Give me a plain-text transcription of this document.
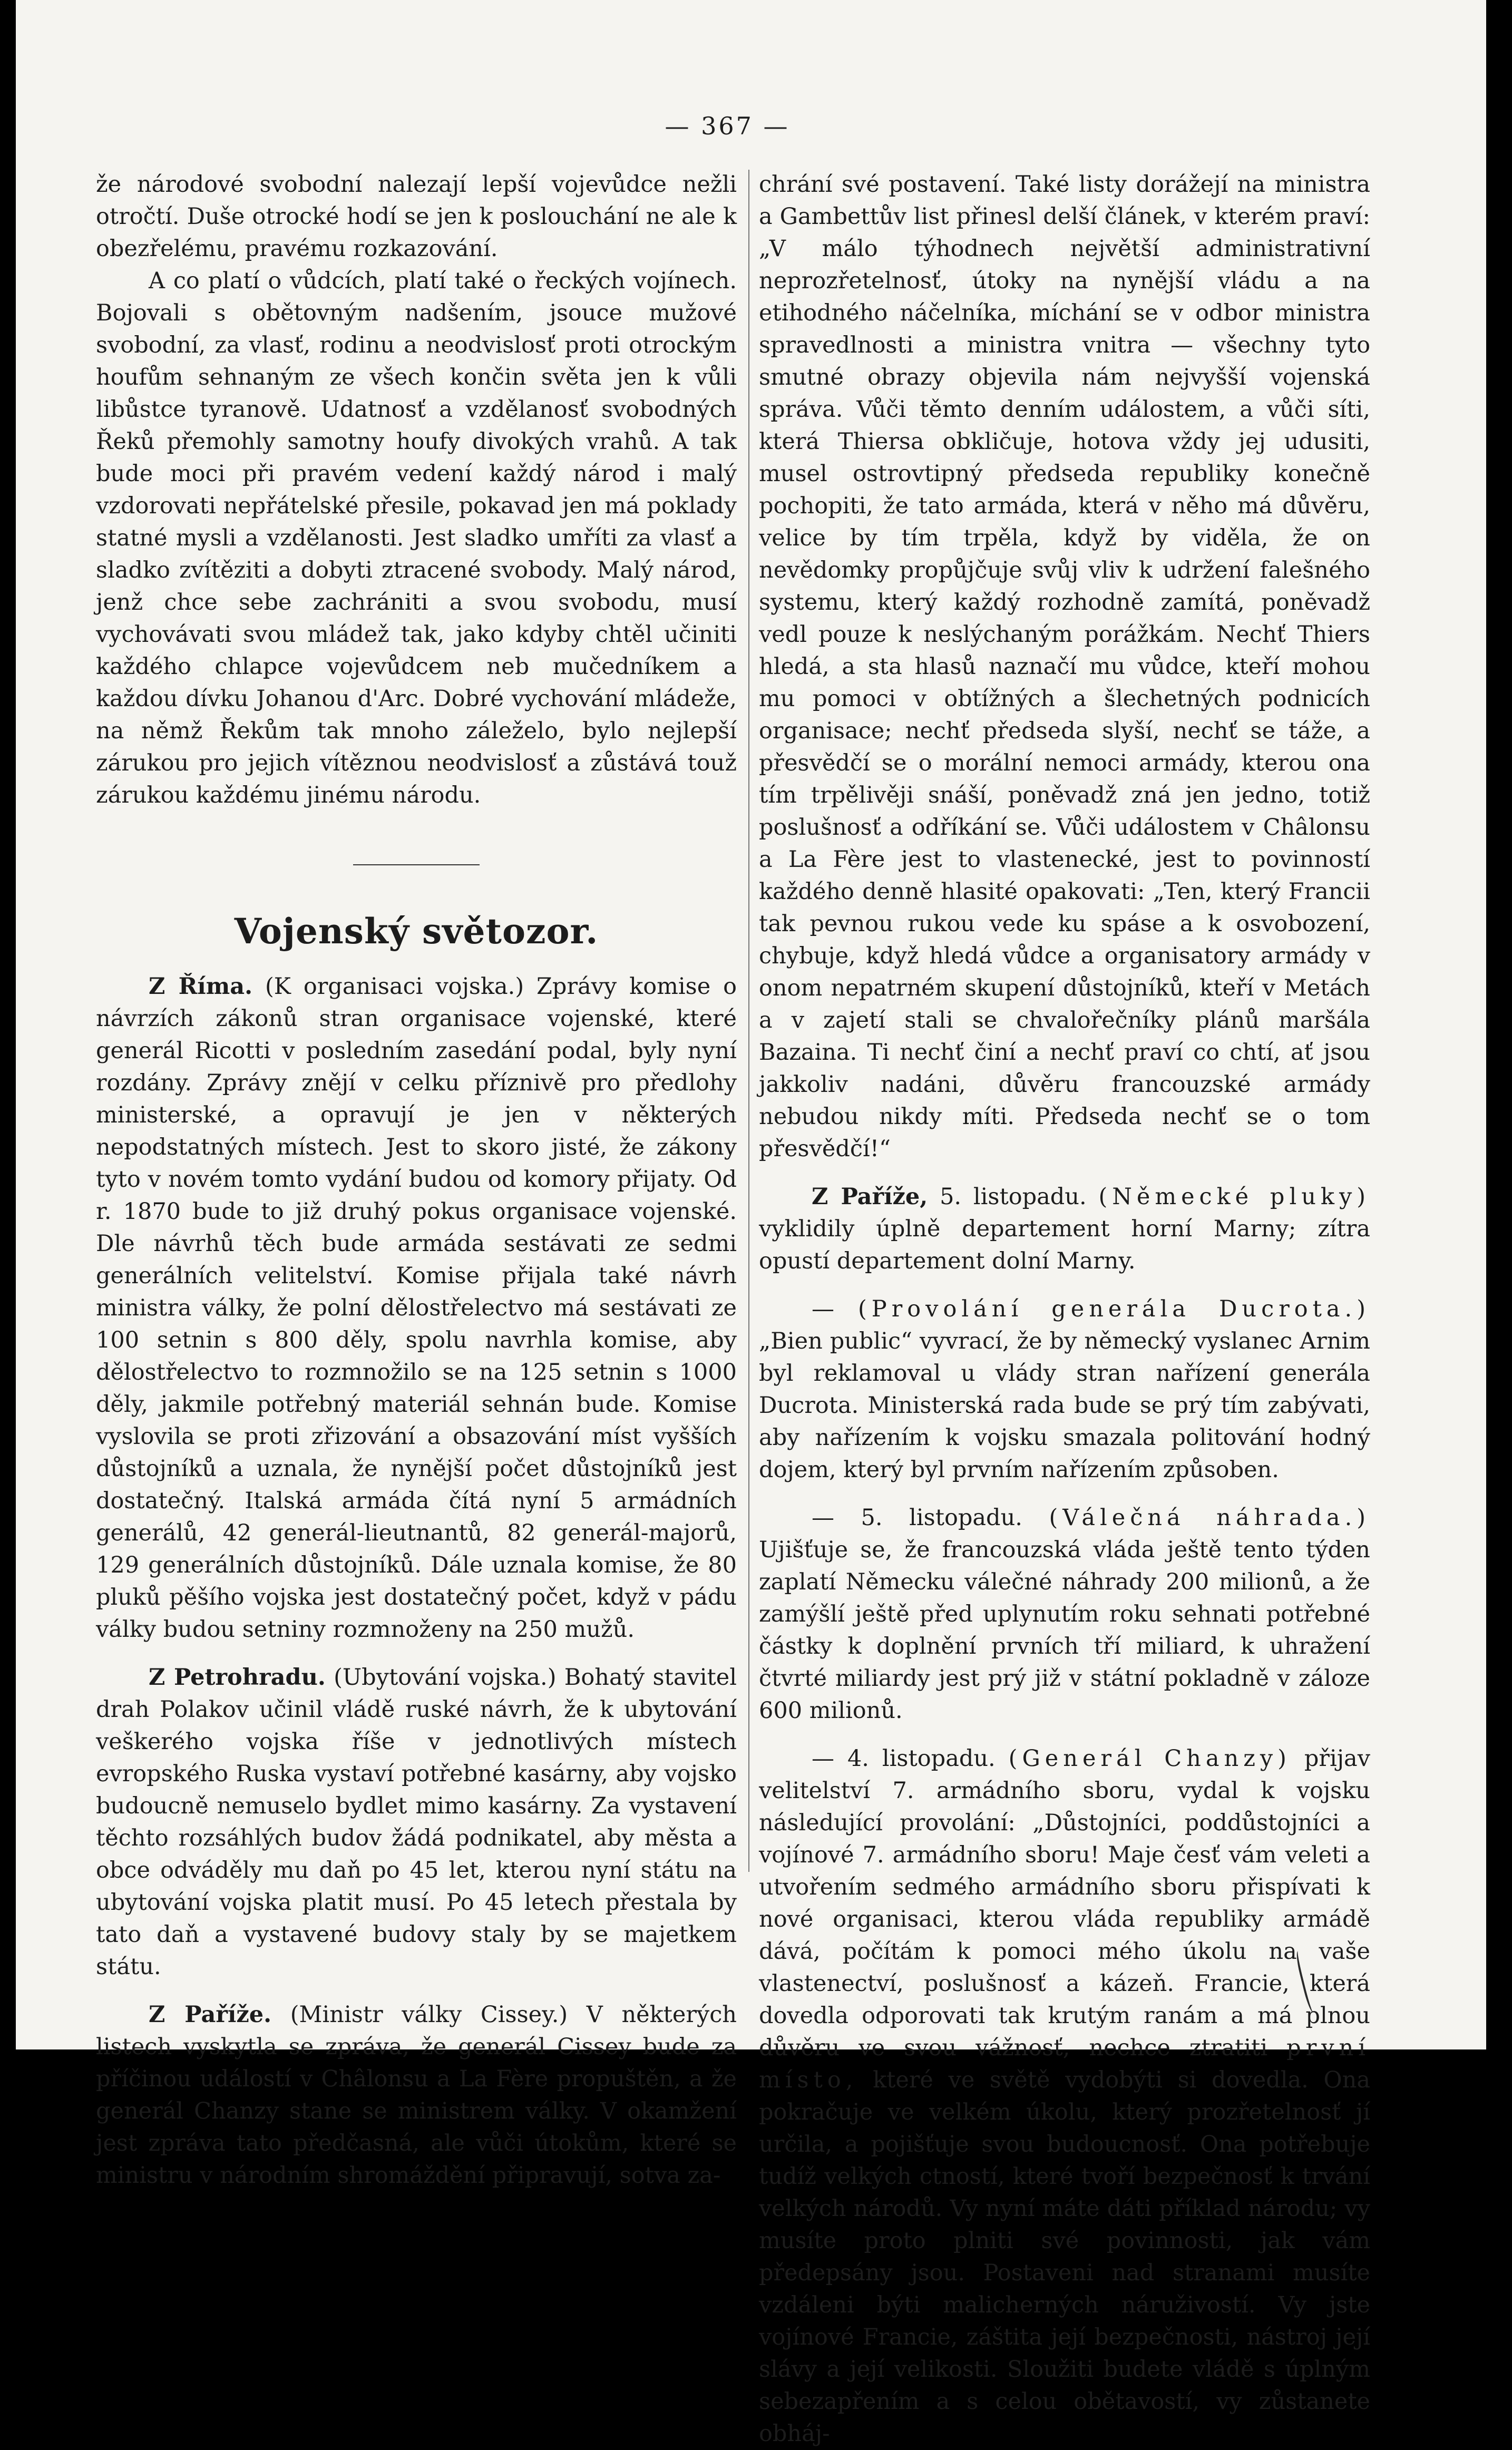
— 367 —

že národové svobodní nalezají lepší vojevůdce nežli otročtí. Duše otrocké hodí se jen k poslouchání ne ale k obezřelému, pravému rozkazování.

A co platí o vůdcích, platí také o řeckých vojínech. Bojovali s obětovným nadšením, jsouce mužové svobodní, za vlasť, rodinu a neodvislosť proti otrockým houfům sehnaným ze všech končin světa jen k vůli libůstce tyranově. Udatnosť a vzdělanosť svobodných Řeků přemohly samotny houfy divokých vrahů. A tak bude moci při pravém vedení každý národ i malý vzdorovati nepřátelské přesile, pokavad jen má poklady statné mysli a vzdělanosti. Jest sladko umříti za vlasť a sladko zvítěziti a dobyti ztracené svobody. Malý národ, jenž chce sebe zachrániti a svou svobodu, musí vychovávati svou mládež tak, jako kdyby chtěl učiniti každého chlapce vojevůdcem neb mučedníkem a každou dívku Johanou d'Arc. Dobré vychování mládeže, na němž Řekům tak mnoho záleželo, bylo nejlepší zárukou pro jejich vítěznou neodvislosť a zůstává touž zárukou každému jinému národu.

Vojenský světozor.

Z Říma. (K organisaci vojska.) Zprávy komise o návrzích zákonů stran organisace vojenské, které generál Ricotti v posledním zasedání podal, byly nyní rozdány. Zprávy znějí v celku příznivě pro předlohy ministerské, a opravují je jen v některých nepodstatných místech. Jest to skoro jisté, že zákony tyto v novém tomto vydání budou od komory přijaty. Od r. 1870 bude to již druhý pokus organisace vojenské. Dle návrhů těch bude armáda sestávati ze sedmi generálních velitelství. Komise přijala také návrh ministra války, že polní dělostřelectvo má sestávati ze 100 setnin s 800 děly, spolu navrhla komise, aby dělostřelectvo to rozmnožilo se na 125 setnin s 1000 děly, jakmile potřebný materiál sehnán bude. Komise vyslovila se proti zřizování a obsazování míst vyšších důstojníků a uznala, že nynější počet důstojníků jest dostatečný. Italská armáda čítá nyní 5 armádních generálů, 42 generál-lieutnantů, 82 generál-majorů, 129 generálních důstojníků. Dále uznala komise, že 80 pluků pěšího vojska jest dostatečný počet, když v pádu války budou setniny rozmnoženy na 250 mužů.

Z Petrohradu. (Ubytování vojska.) Bohatý stavitel drah Polakov učinil vládě ruské návrh, že k ubytování veškerého vojska říše v jednotlivých místech evropského Ruska vystaví potřebné kasárny, aby vojsko budoucně nemuselo bydlet mimo kasárny. Za vystavení těchto rozsáhlých budov žádá podnikatel, aby města a obce odváděly mu daň po 45 let, kterou nyní státu na ubytování vojska platit musí. Po 45 letech přestala by tato daň a vystavené budovy staly by se majetkem státu.

Z Paříže. (Ministr války Cissey.) V některých listech vyskytla se zpráva, že generál Cissey bude za příčinou událostí v Châlonsu a La Fère propuštěn, a že generál Chanzy stane se ministrem války. V okamžení jest zpráva tato předčasná, ale vůči útokům, které se ministru v národním shromáždění připravují, sotva za-

chrání své postavení. Také listy dorážejí na ministra a Gambettův list přinesl delší článek, v kterém praví: „V málo týhodnech největší administrativní neprozřetelnosť, útoky na nynější vládu a na etihodného náčelníka, míchání se v odbor ministra spravedlnosti a ministra vnitra — všechny tyto smutné obrazy objevila nám nejvyšší vojenská správa. Vůči těmto denním událostem, a vůči síti, která Thiersa obkličuje, hotova vždy jej udusiti, musel ostrovtipný předseda republiky konečně pochopiti, že tato armáda, která v něho má důvěru, velice by tím trpěla, když by viděla, že on nevědomky propůjčuje svůj vliv k udržení falešného systemu, který každý rozhodně zamítá, poněvadž vedl pouze k neslýchaným porážkám. Nechť Thiers hledá, a sta hlasů naznačí mu vůdce, kteří mohou mu pomoci v obtížných a šlechetných podnicích organisace; nechť předseda slyší, nechť se táže, a přesvědčí se o morální nemoci armády, kterou ona tím trpělivěji snáší, poněvadž zná jen jedno, totiž poslušnosť a odříkání se. Vůči událostem v Châlonsu a La Fère jest to vlastenecké, jest to povinností každého denně hlasité opakovati: „Ten, který Francii tak pevnou rukou vede ku spáse a k osvobození, chybuje, když hledá vůdce a organisatory armády v onom nepatrném skupení důstojníků, kteří v Metách a v zajetí stali se chvalořečníky plánů maršála Bazaina. Ti nechť činí a nechť praví co chtí, ať jsou jakkoliv nadáni, důvěru francouzské armády nebudou nikdy míti. Předseda nechť se o tom přesvědčí!“

Z Paříže, 5. listopadu. (Německé pluky) vyklidily úplně departement horní Marny; zítra opustí departement dolní Marny.

— (Provolání generála Ducrota.) „Bien public“ vyvrací, že by německý vyslanec Arnim byl reklamoval u vlády stran nařízení generála Ducrota. Ministerská rada bude se prý tím zabývati, aby nařízením k vojsku smazala politování hodný dojem, který byl prvním nařízením způsoben.

— 5. listopadu. (Válečná náhrada.) Ujišťuje se, že francouzská vláda ještě tento týden zaplatí Německu válečné náhrady 200 milionů, a že zamýšlí ještě před uplynutím roku sehnati potřebné částky k doplnění prvních tří miliard, k uhražení čtvrté miliardy jest prý již v státní pokladně v záloze 600 milionů.

— 4. listopadu. (Generál Chanzy) přijav velitelství 7. armádního sboru, vydal k vojsku následující provolání: „Důstojníci, poddůstojníci a vojínové 7. armádního sboru! Maje česť vám veleti a utvořením sedmého armádního sboru přispívati k nové organisaci, kterou vláda republiky armádě dává, počítám k pomoci mého úkolu na vaše vlastenectví, poslušnosť a kázeň. Francie, která dovedla odporovati tak krutým ranám a má plnou důvěru ve svou vážnosť, nechce ztratiti první místo, které ve světě vydobýti si dovedla. Ona pokračuje ve velkém úkolu, který prozřetelnosť jí určila, a pojišťuje svou budoucnosť. Ona potřebuje tudíž velkých ctností, které tvoří bezpečnosť k trvání velkých národů. Vy nyní máte dáti příklad národu; vy musíte proto plniti své povinnosti, jak vám předepsány jsou. Postaveni nad stranami musíte vzdáleni býti malicherných náruživostí. Vy jste vojínové Francie, záštita její bezpečnosti, nástroj její slávy a její velikosti. Sloužiti budete vládě s úplným sebezapřením a s celou obětavostí, vy zůstanete obháj-
